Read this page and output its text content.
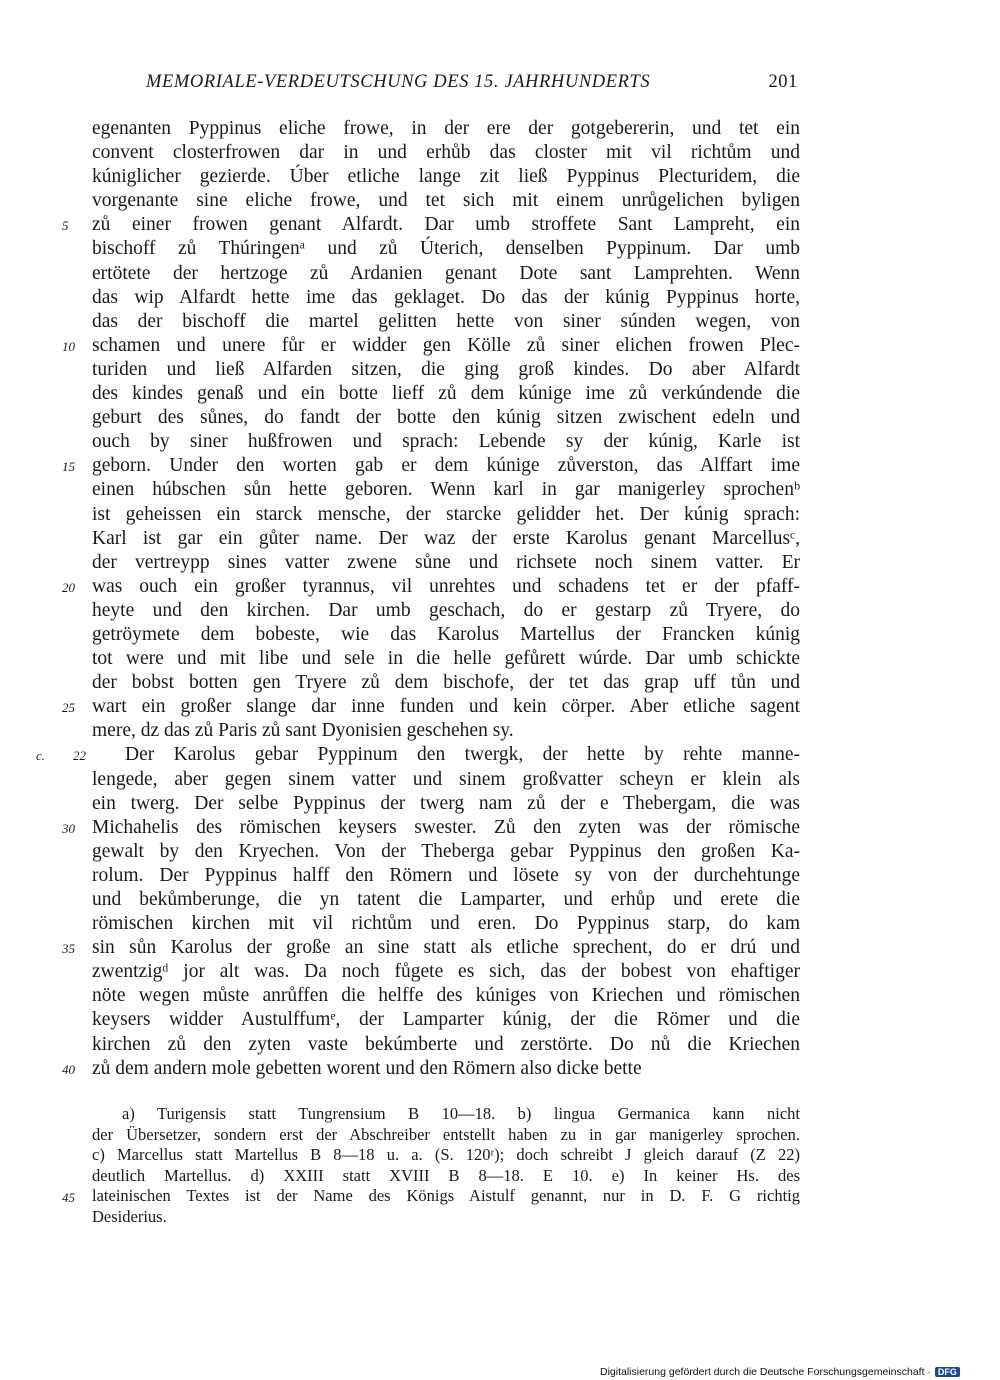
MEMORIALE-VERDEUTSCHUNG DES 15. JAHRHUNDERTS	201
egenanten Pyppinus eliche frowe, in der ere der gotgebererin, und tet ein
convent closterfrowen dar in und erhůb das closter mit vil richtům und
kúniglicher gezierde. Úber etliche lange zit ließ Pyppinus Plecturidem, die
vorgenante sine eliche frowe, und tet sich mit einem unrůgelichen byligen
5	zů einer frowen genant Alfardt. Dar umb stroffete Sant Lampreht, ein
bischoff zů Thúringenᵃ und zů Úterich, denselben Pyppinum. Dar umb
ertötete der hertzoge zů Ardanien genant Dote sant Lamprehten. Wenn
das wip Alfardt hette ime das geklaget. Do das der kúnig Pyppinus horte,
das der bischoff die martel gelitten hette von siner súnden wegen, von
10 schamen und unere fůr er widder gen Kölle zů siner elichen frowen Plec-
turiden und ließ Alfarden sitzen, die ging groß kindes. Do aber Alfardt
des kindes genaß und ein botte lieff zů dem kúnige ime zů verkúndende die
geburt des sůnes, do fandt der botte den kúnig sitzen zwischent edeln und
ouch by siner hußfrowen und sprach: Lebende sy der kúnig, Karle ist
15 geborn. Under den worten gab er dem kúnige zůverston, das Alffart ime
einen húbschen sůn hette geboren. Wenn karl in gar manigerley sprochenᵇ
ist geheissen ein starck mensche, der starcke gelidder het. Der kúnig sprach:
Karl ist gar ein gůter name. Der waz der erste Karolus genant Marcellusᶜ,
der vertreypp sines vatter zwene sůne und richsete noch sinem vatter. Er
20 was ouch ein großer tyrannus, vil unrehtes und schadens tet er der pfaff-
heyte und den kirchen. Dar umb geschach, do er gestarp zů Tryere, do
getröymete dem bobeste, wie das Karolus Martellus der Francken kúnig
tot were und mit libe und sele in die helle gefůrett wúrde. Dar umb schickte
der bobst botten gen Tryere zů dem bischofe, der tet das grap uff tůn und
25 wart ein großer slange dar inne funden und kein cörper. Aber etliche sagent
mere, dz das zů Paris zů sant Dyonisien geschehen sy.
c. 22	Der Karolus gebar Pyppinum den twergk, der hette by rehte manne-
lengede, aber gegen sinem vatter und sinem großvatter scheyn er klein als
ein twerg. Der selbe Pyppinus der twerg nam zů der e Thebergam, die was
30 Michahelis des römischen keysers swester. Zů den zyten was der römische
gewalt by den Kryechen. Von der Theberga gebar Pyppinus den großen Ka-
rolum. Der Pyppinus halff den Römern und lösete sy von der durchehtunge
und bekůmberunge, die yn tatent die Lamparter, und erhůp und erete die
römischen kirchen mit vil richtům und eren. Do Pyppinus starp, do kam
35 sin sůn Karolus der große an sine statt als etliche sprechent, do er drú und
zwentzigᵈ jor alt was. Da noch fůgete es sich, das der bobest von ehaftiger
nöte wegen můste anrůffen die helffe des kúniges von Kriechen und römischen
keysers widder Austulffumᵉ, der Lamparter kúnig, der die Römer und die
kirchen zů den zyten vaste bekúmberte und zerstörte. Do nů die Kriechen
40 zů dem andern mole gebetten worent und den Römern also dicke bette
a) Turigensis statt Tungrensium B 10—18. b) lingua Germanica kann nicht
der Übersetzer, sondern erst der Abschreiber entstellt haben zu in gar manigerley sprochen.
c) Marcellus statt Martellus B 8—18 u. a. (S. 120ʳ); doch schreibt J gleich darauf (Z 22)
deutlich Martellus. d) XXIII statt XVIII B 8—18. E 10. e) In keiner Hs. des
45	lateinischen Textes ist der Name des Königs Aistulf genannt, nur in D. F. G richtig
Desiderius.
Digitalisierung gefördert durch die Deutsche Forschungsgemeinschaft · DFG
